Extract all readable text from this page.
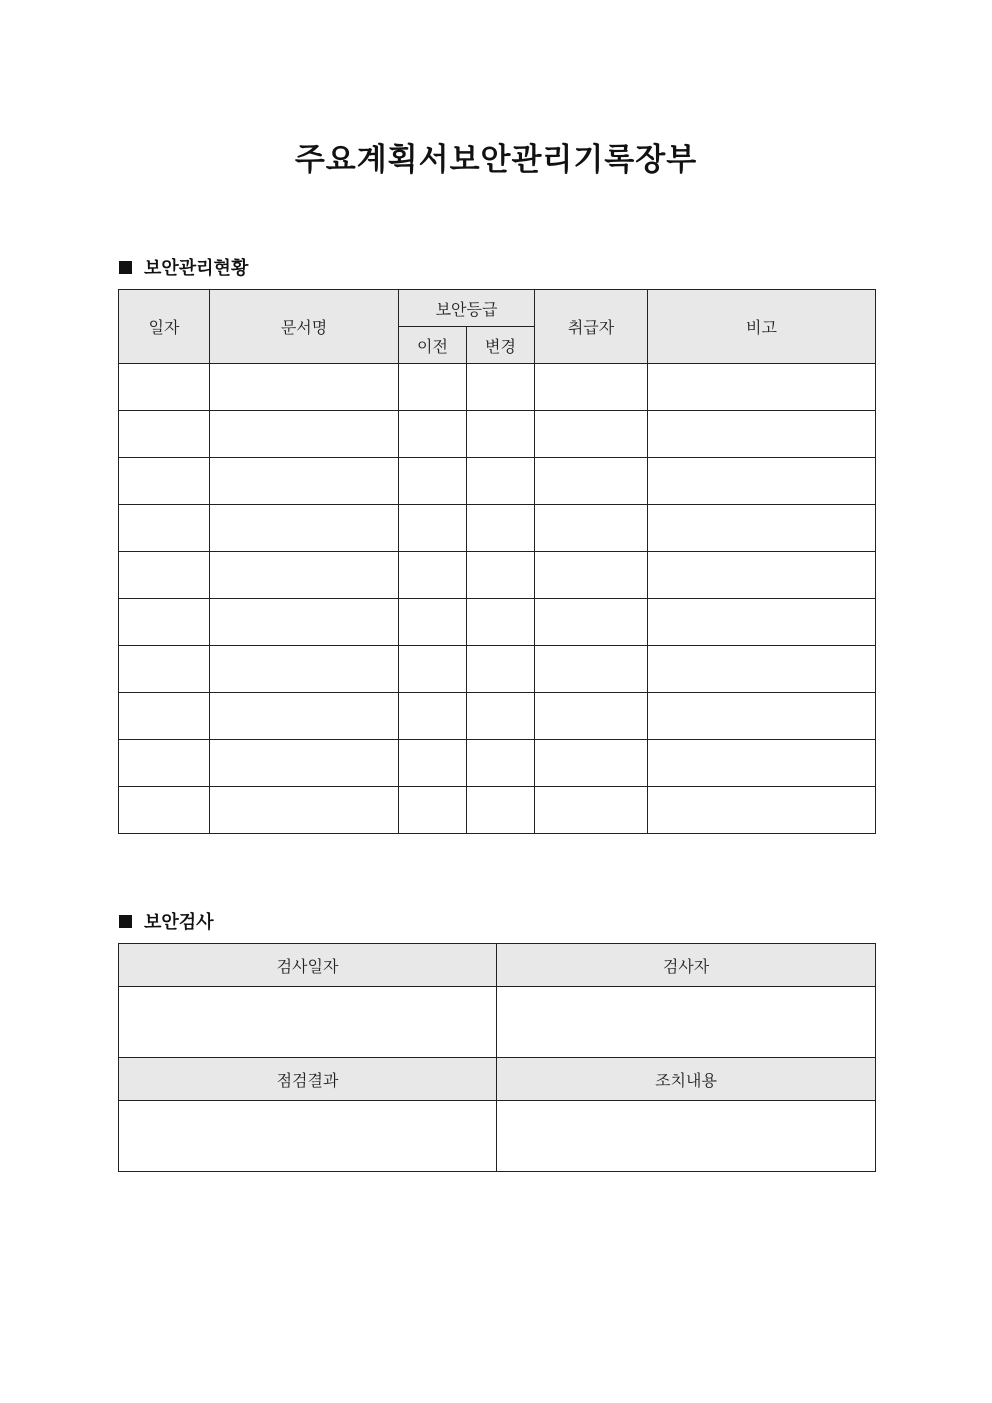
주요계획서보안관리기록장부
보안관리현황
일자	문서명	보안등급		취급자	비고
		이전	변경		

보안검사
검사일자	검사자

점검결과	조치내용
